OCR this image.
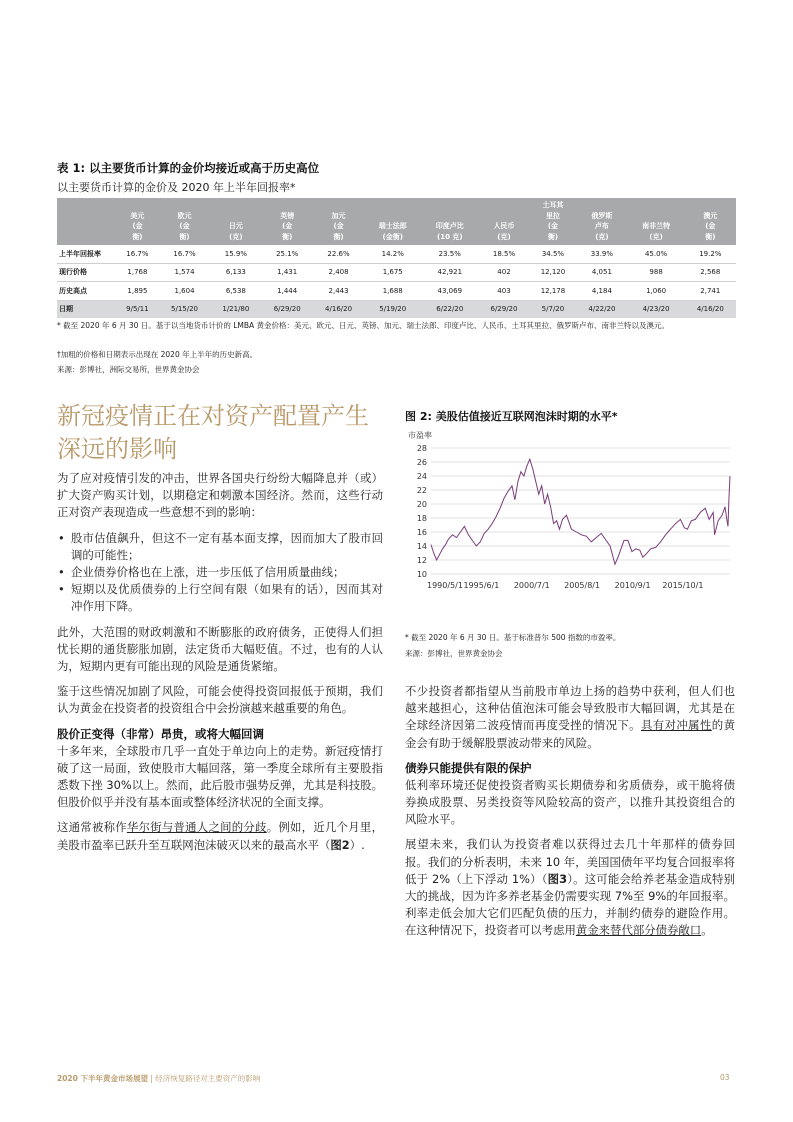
表 1: 以主要货币计算的金价均接近或高于历史高位
以主要货币计算的金价及 2020 年上半年回报率*
	美元
(金
衡)	欧元
(金
衡)	日元
(克)	英镑
(金
衡)	加元
(金
衡)	瑞士法郎
(金衡)	印度卢比
(10 克)	人民币
(克)	土耳其
里拉
(金
衡)	俄罗斯
卢布
(克)	南非兰特
(克)	澳元
(金
衡)
上半年回报率	16.7%	16.7%	15.9%	25.1%	22.6%	14.2%	23.5%	18.5%	34.5%	33.9%	45.0%	19.2%
现行价格	1,768	1,574	6,133	1,431	2,408	1,675	42,921	402	12,120	4,051	988	2,568
历史高点	1,895	1,604	6,538	1,444	2,443	1,688	43,069	403	12,178	4,184	1,060	2,741
日期	9/5/11	5/15/20	1/21/80	6/29/20	4/16/20	5/19/20	6/22/20	6/29/20	5/7/20	4/22/20	4/23/20	4/16/20
* 截至 2020 年 6 月 30 日。基于以当地货币计价的 LMBA 黄金价格：美元、欧元、日元、英镑、加元、瑞士法郎、印度卢比、人民币、土耳其里拉、俄罗斯卢布、南非兰特以及澳元。
†加粗的价格和日期表示出现在 2020 年上半年的历史新高。
来源：彭博社，洲际交易所，世界黄金协会
新冠疫情正在对资产配置产生深远的影响

为了应对疫情引发的冲击，世界各国央行纷纷大幅降息并（或）扩大资产购买计划，以期稳定和刺激本国经济。然而，这些行动正对资产表现造成一些意想不到的影响：

• 股市估值飙升，但这不一定有基本面支撑，因而加大了股市回调的可能性；
• 企业债券价格也在上涨，进一步压低了信用质量曲线；
• 短期以及优质债券的上行空间有限（如果有的话），因而其对冲作用下降。

此外，大范围的财政刺激和不断膨胀的政府债务，正使得人们担忧长期的通货膨胀加剧，法定货币大幅贬值。不过，也有的人认为，短期内更有可能出现的风险是通货紧缩。

鉴于这些情况加剧了风险，可能会使得投资回报低于预期，我们认为黄金在投资者的投资组合中会扮演越来越重要的角色。

股价正变得（非常）昂贵，或将大幅回调

十多年来，全球股市几乎一直处于单边向上的走势。新冠疫情打破了这一局面，致使股市大幅回落，第一季度全球所有主要股指悉数下挫 30%以上。然而，此后股市强势反弹，尤其是科技股。但股价似乎并没有基本面或整体经济状况的全面支撑。

这通常被称作华尔街与普通人之间的分歧。例如，近几个月里，美股市盈率已跃升至互联网泡沫破灭以来的最高水平（图2）.

图 2: 美股估值接近互联网泡沫时期的水平*
市盈率
10
12
14
16
18
20
22
24
26
28
1990/5/1 1995/6/1 2000/7/1 2005/8/1 2010/9/1 2015/10/1
* 截至 2020 年 6 月 30 日。基于标准普尔 500 指数的市盈率。
来源：彭博社，世界黄金协会

不少投资者都指望从当前股市单边上扬的趋势中获利，但人们也越来越担心，这种估值泡沫可能会导致股市大幅回调，尤其是在全球经济因第二波疫情而再度受挫的情况下。具有对冲属性的黄金会有助于缓解股票波动带来的风险。

债券只能提供有限的保护

低利率环境还促使投资者购买长期债券和劣质债券，或干脆将债券换成股票、另类投资等风险较高的资产，以推升其投资组合的风险水平。

展望未来，我们认为投资者难以获得过去几十年那样的债券回报。我们的分析表明，未来 10 年，美国国债年平均复合回报率将低于 2%（上下浮动 1%）（图3）。这可能会给养老基金造成特别大的挑战，因为许多养老基金仍需要实现 7%至 9%的年回报率。利率走低会加大它们匹配负债的压力，并制约债券的避险作用。在这种情况下，投资者可以考虑用黄金来替代部分债券敞口。

2020 下半年黄金市场展望 | 经济恢复路径对主要资产的影响	03
